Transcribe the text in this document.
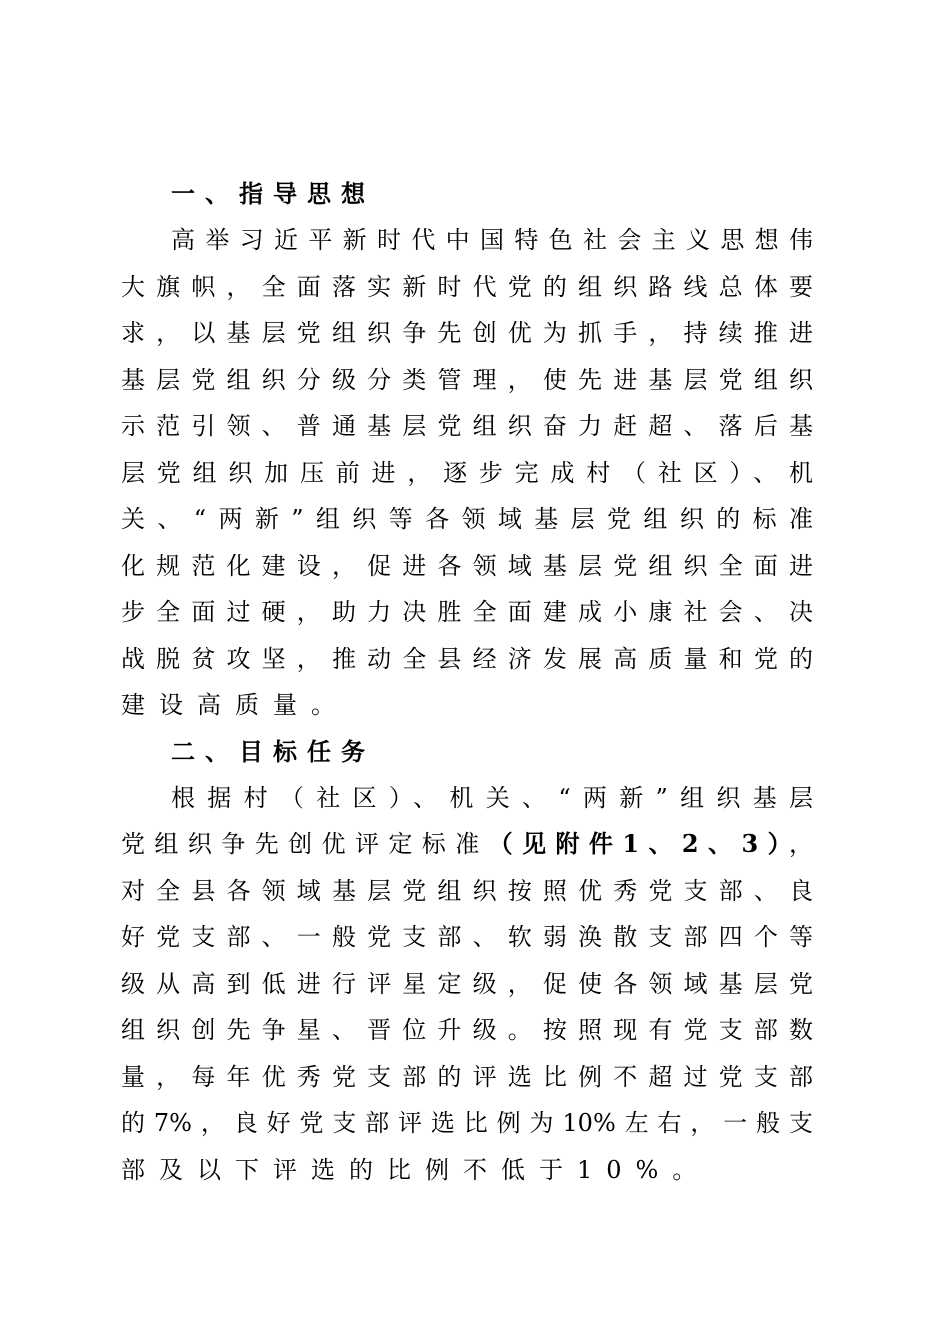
一、指导思想
高举习近平新时代中国特色社会主义思想伟
大旗帜，全面落实新时代党的组织路线总体要
求，以基层党组织争先创优为抓手，持续推进
基层党组织分级分类管理，使先进基层党组织
示范引领、普通基层党组织奋力赶超、落后基
层党组织加压前进，逐步完成村（社区）、机
关、“两新”组织等各领域基层党组织的标准
化规范化建设，促进各领域基层党组织全面进
步全面过硬，助力决胜全面建成小康社会、决
战脱贫攻坚，推动全县经济发展高质量和党的
建设高质量。
二、目标任务
根据村（社区）、机关、“两新”组织基层
党组织争先创优评定标准（见附件1、2、3），
对全县各领域基层党组织按照优秀党支部、良
好党支部、一般党支部、软弱涣散支部四个等
级从高到低进行评星定级，促使各领域基层党
组织创先争星、晋位升级。按照现有党支部数
量，每年优秀党支部的评选比例不超过党支部
的7%，良好党支部评选比例为10%左右，一般支
部及以下评选的比例不低于10%。
